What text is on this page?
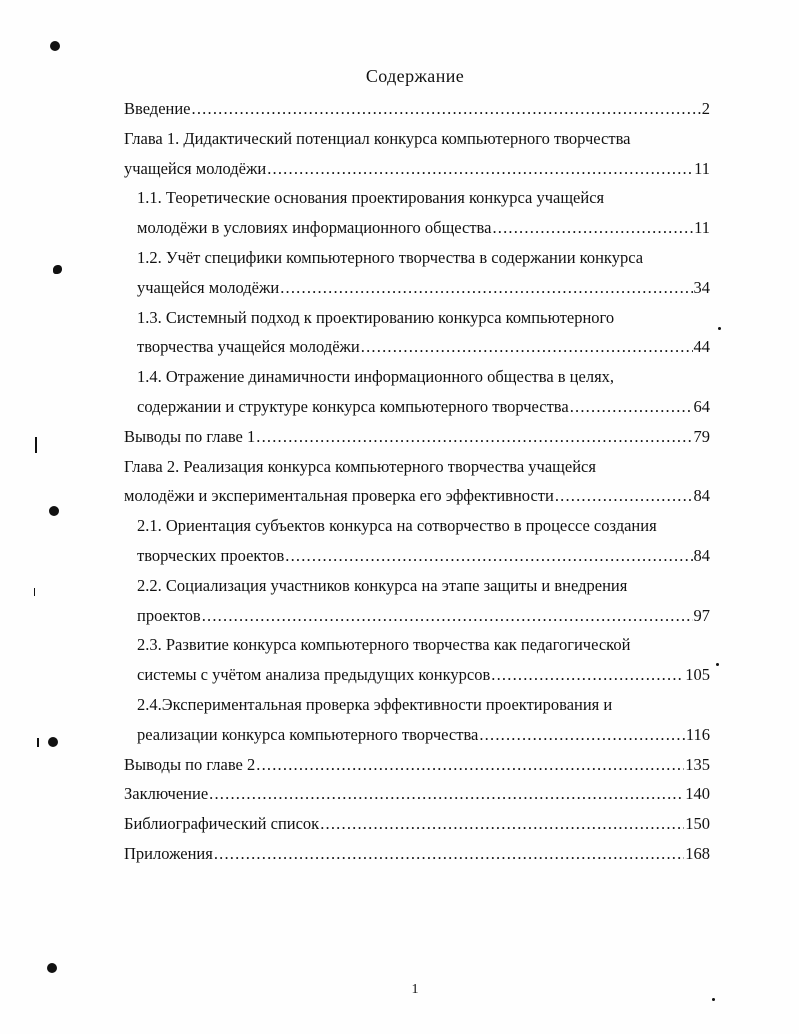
Содержание
Введение .....	2
Глава 1. Дидактический потенциал конкурса компьютерного творчества
учащейся молодёжи .....	11
1.1. Теоретические основания проектирования конкурса учащейся
молодёжи в условиях информационного общества .....	11
1.2. Учёт специфики компьютерного творчества в содержании конкурса
учащейся молодёжи .....	34
1.3. Системный подход к проектированию конкурса компьютерного
творчества учащейся молодёжи .....	44
1.4. Отражение динамичности информационного общества в целях,
содержании и структуре конкурса компьютерного творчества .....	64
Выводы по главе 1 .....	79
Глава 2. Реализация конкурса компьютерного творчества учащейся
молодёжи и экспериментальная проверка его эффективности .....	84
2.1. Ориентация субъектов конкурса на сотворчество в процессе создания
творческих проектов .....	84
2.2. Социализация участников конкурса на этапе защиты и внедрения
проектов .....	97
2.3. Развитие конкурса компьютерного творчества как педагогической
системы с учётом анализа предыдущих конкурсов .....	105
2.4.Экспериментальная проверка эффективности проектирования и
реализации конкурса компьютерного творчества .....	116
Выводы по главе 2 .....	135
Заключение .....	140
Библиографический список .....	150
Приложения .....	168
1
